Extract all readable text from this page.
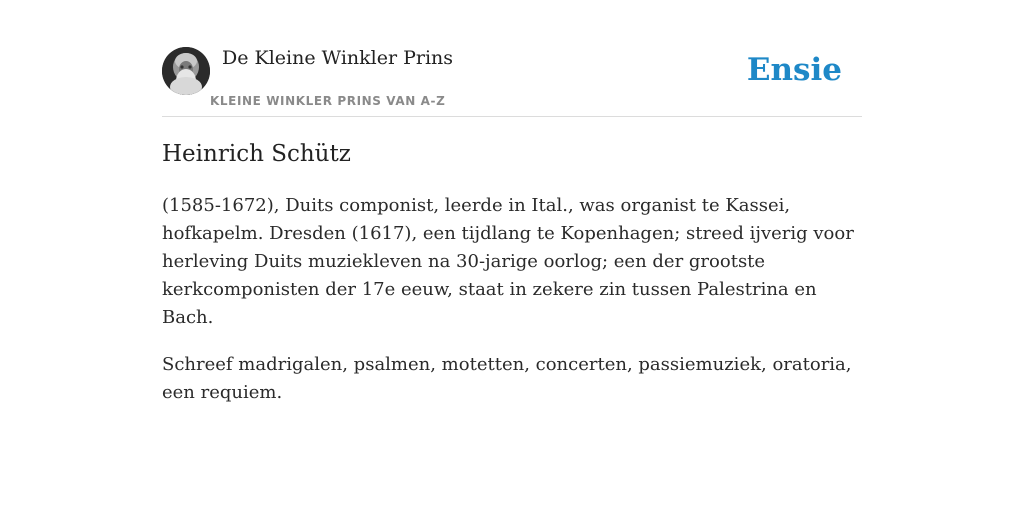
De Kleine Winkler Prins
KLEINE WINKLER PRINS VAN A-Z
Ensie
Heinrich Schütz

(1585-1672), Duits componist, leerde in Ital., was organist te Kassei, hofkapelm. Dresden (1617), een tijdlang te Kopenhagen; streed ijverig voor herleving Duits muziekleven na 30-jarige oorlog; een der grootste kerkcomponisten der 17e eeuw, staat in zekere zin tussen Palestrina en Bach.

Schreef madrigalen, psalmen, motetten, concerten, passiemuziek, oratoria, een requiem.
